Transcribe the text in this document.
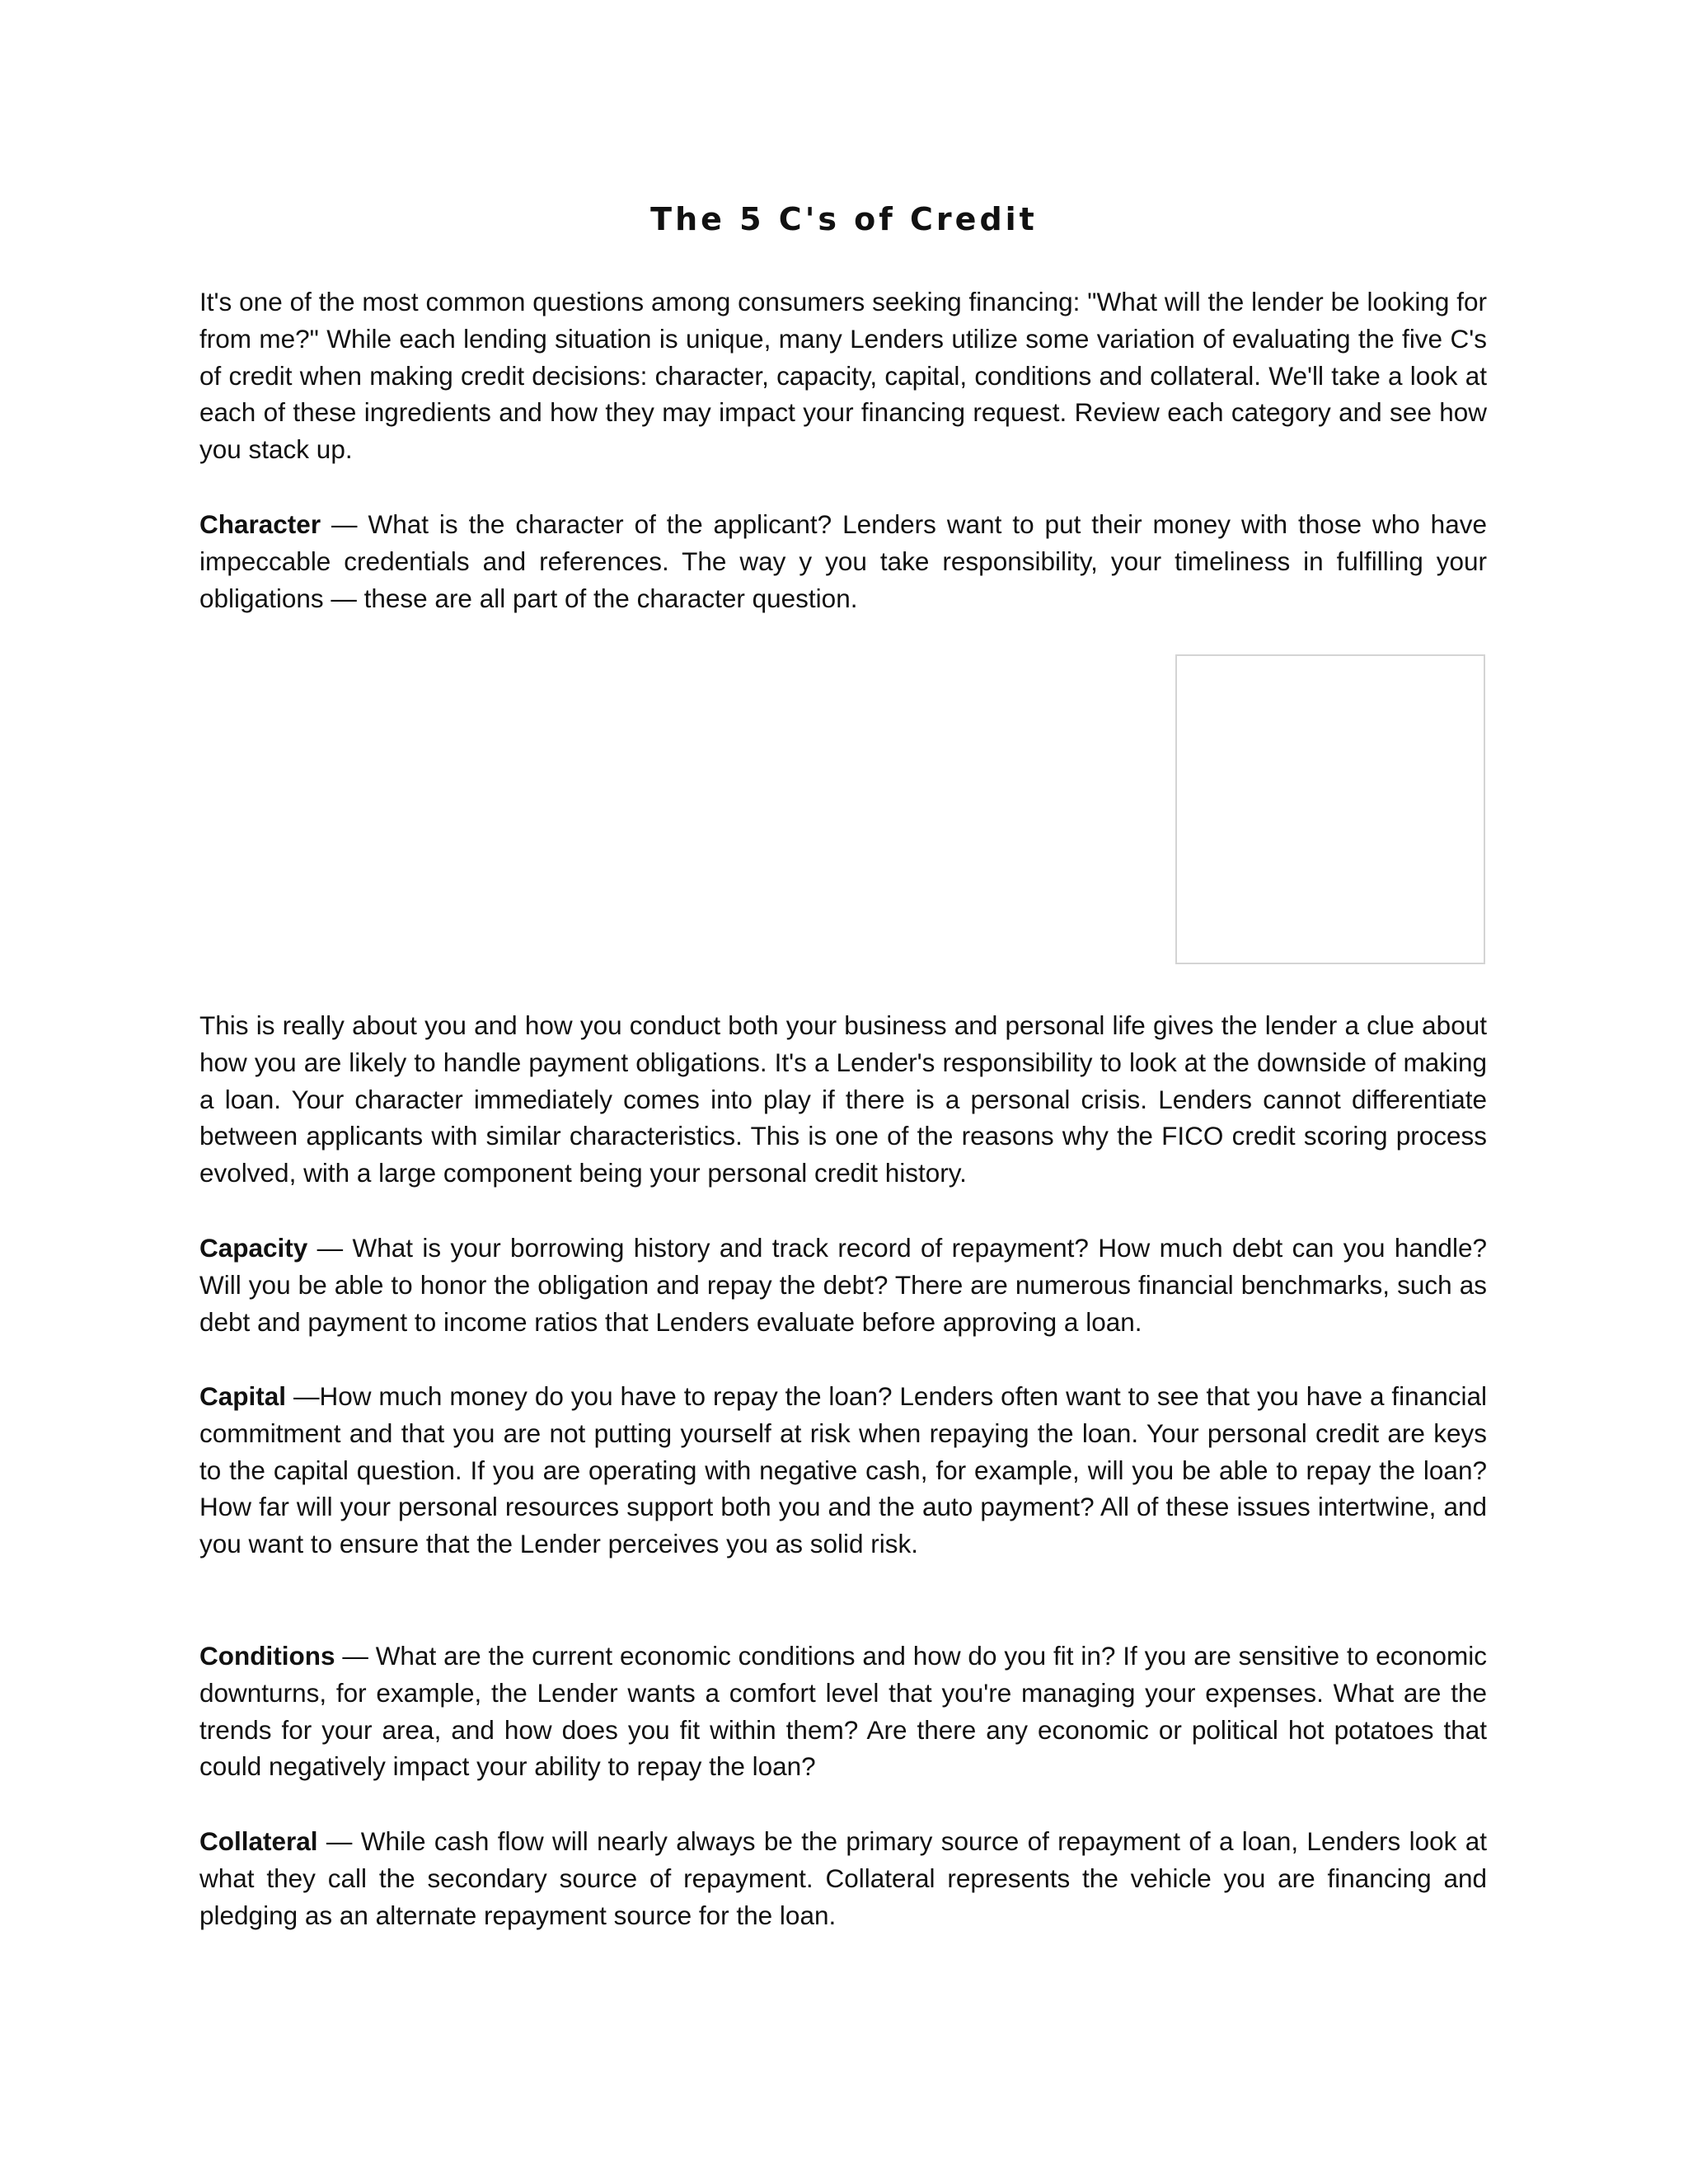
The 5 C's of Credit

It's one of the most common questions among consumers seeking financing: "What will the lender be looking for from me?" While each lending situation is unique, many Lenders utilize some variation of evaluating the five C's of credit when making credit decisions: character, capacity, capital, conditions and collateral. We'll take a look at each of these ingredients and how they may impact your financing request. Review each category and see how you stack up.

Character — What is the character of the applicant? Lenders want to put their money with those who have impeccable credentials and references. The way y you take responsibility, your timeliness in fulfilling your obligations — these are all part of the character question.

This is really about you and how you conduct both your business and personal life gives the lender a clue about how you are likely to handle payment obligations. It's a Lender's responsibility to look at the downside of making a loan. Your character immediately comes into play if there is a personal crisis. Lenders cannot differentiate between applicants with similar characteristics. This is one of the reasons why the FICO credit scoring process evolved, with a large component being your personal credit history.

Capacity — What is your borrowing history and track record of repayment? How much debt can you handle? Will you be able to honor the obligation and repay the debt? There are numerous financial benchmarks, such as debt and payment to income ratios that Lenders evaluate before approving a loan.

Capital —How much money do you have to repay the loan? Lenders often want to see that you have a financial commitment and that you are not putting yourself at risk when repaying the loan. Your personal credit are keys to the capital question. If you are operating with negative cash, for example, will you be able to repay the loan? How far will your personal resources support both you and the auto payment? All of these issues intertwine, and you want to ensure that the Lender perceives you as solid risk.

Conditions — What are the current economic conditions and how do you fit in? If you are sensitive to economic downturns, for example, the Lender wants a comfort level that you're managing your expenses. What are the trends for your area, and how does you fit within them? Are there any economic or political hot potatoes that could negatively impact your ability to repay the loan?

Collateral — While cash flow will nearly always be the primary source of repayment of a loan, Lenders look at what they call the secondary source of repayment. Collateral represents the vehicle you are financing and pledging as an alternate repayment source for the loan.
